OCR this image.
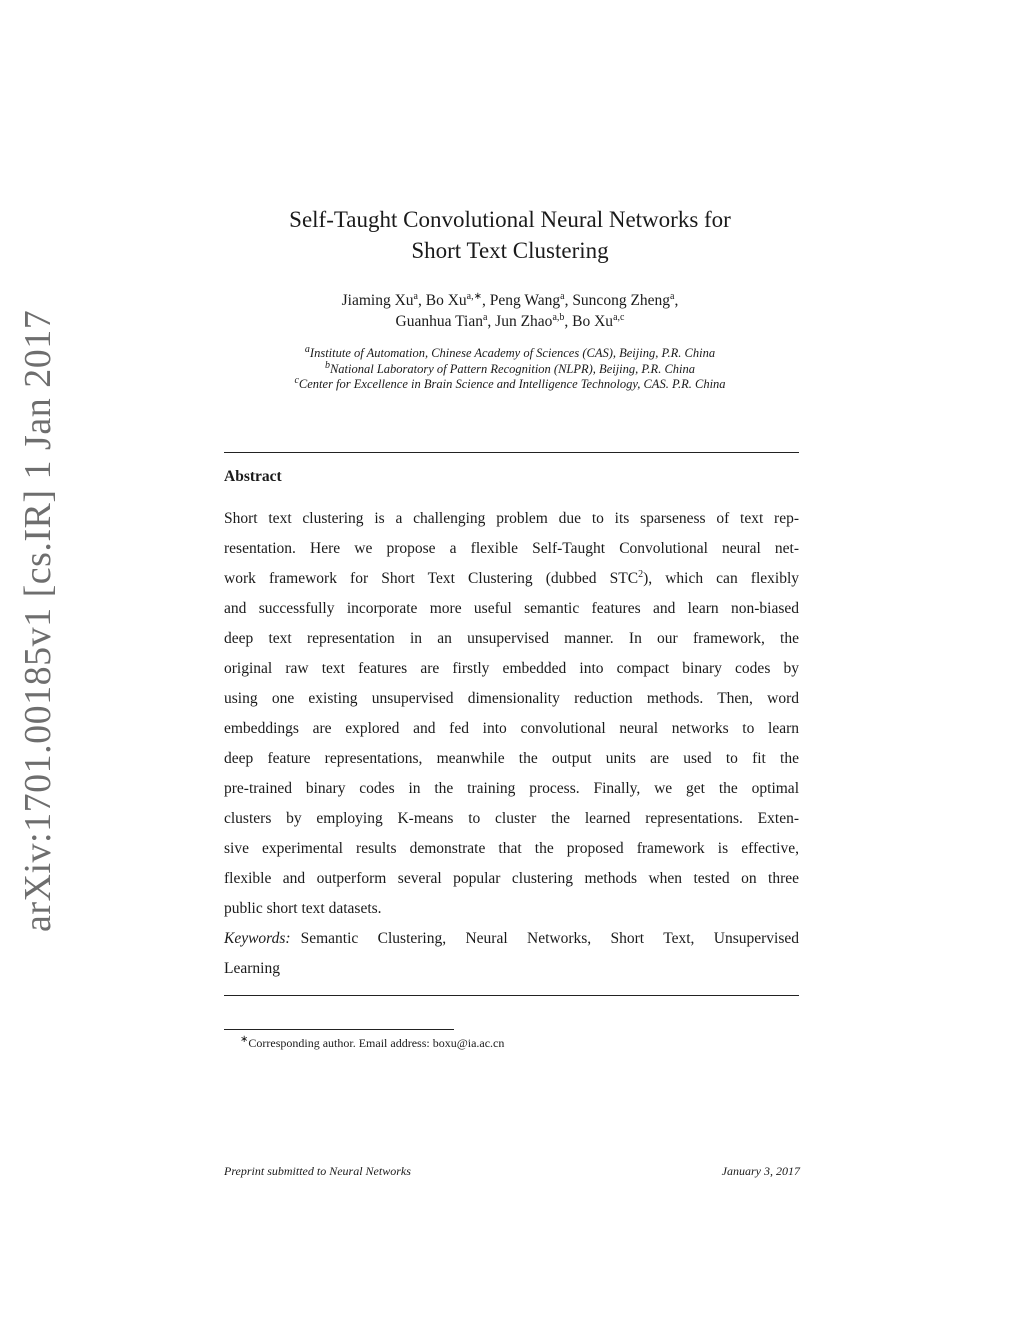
arXiv:1701.00185v1 [cs.IR] 1 Jan 2017
Self-Taught Convolutional Neural Networks for
Short Text Clustering
Jiaming Xu$^a$, Bo $Xu^{a,∗}$, Peng Wang$^a$, Suncong Zheng$^a$,
Guanhua Tian$^a$, Jun Zhao$^{a,b}$, Bo Xu$^{a,c}$
$^a$Institute of Automation, Chinese Academy of Sciences (CAS), Beijing, P.R. China
$^b$National Laboratory of Pattern Recognition (NLPR), Beijing, P.R. China
$^c$Center for Excellence in Brain Science and Intelligence Technology, CAS. P.R. China
Abstract
Short text clustering is a challenging problem due to its sparseness of text rep-
resentation. Here we propose a flexible Self-Taught Convolutional neural net-
work framework for Short Text Clustering (dubbed STC$^2$), which can flexibly
and successfully incorporate more useful semantic features and learn non-biased
deep text representation in an unsupervised manner. In our framework, the
original raw text features are firstly embedded into compact binary codes by
using one existing unsupervised dimensionality reduction methods. Then, word
embeddings are explored and fed into convolutional neural networks to learn
deep feature representations, meanwhile the output units are used to fit the
pre-trained binary codes in the training process. Finally, we get the optimal
clusters by employing K-means to cluster the learned representations. Exten-
sive experimental results demonstrate that the proposed framework is effective,
flexible and outperform several popular clustering methods when tested on three
public short text datasets.
Keywords: Semantic Clustering, Neural Networks, Short Text, Unsupervised
Learning
∗Corresponding author. Email address: boxu@ia.ac.cn
Preprint submitted to Neural Networks	January 3, 2017
